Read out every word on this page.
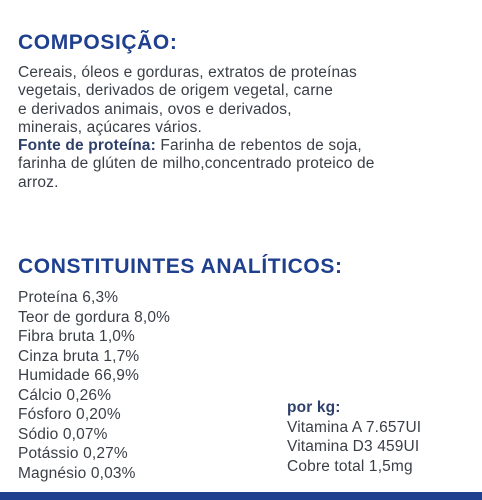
COMPOSIÇÃO:
Cereais, óleos e gorduras, extratos de proteínas
vegetais, derivados de origem vegetal, carne
e derivados animais, ovos e derivados,
minerais, açúcares vários.
Fonte de proteína: Farinha de rebentos de soja,
farinha de glúten de milho,concentrado proteico de
arroz.
CONSTITUINTES ANALÍTICOS:
Proteína 6,3%
Teor de gordura 8,0%
Fibra bruta 1,0%
Cinza bruta 1,7%
Humidade 66,9%
Cálcio 0,26%
Fósforo 0,20%
Sódio 0,07%
Potássio 0,27%
Magnésio 0,03%
por kg:
Vitamina A 7.657UI
Vitamina D3 459UI
Cobre total 1,5mg
